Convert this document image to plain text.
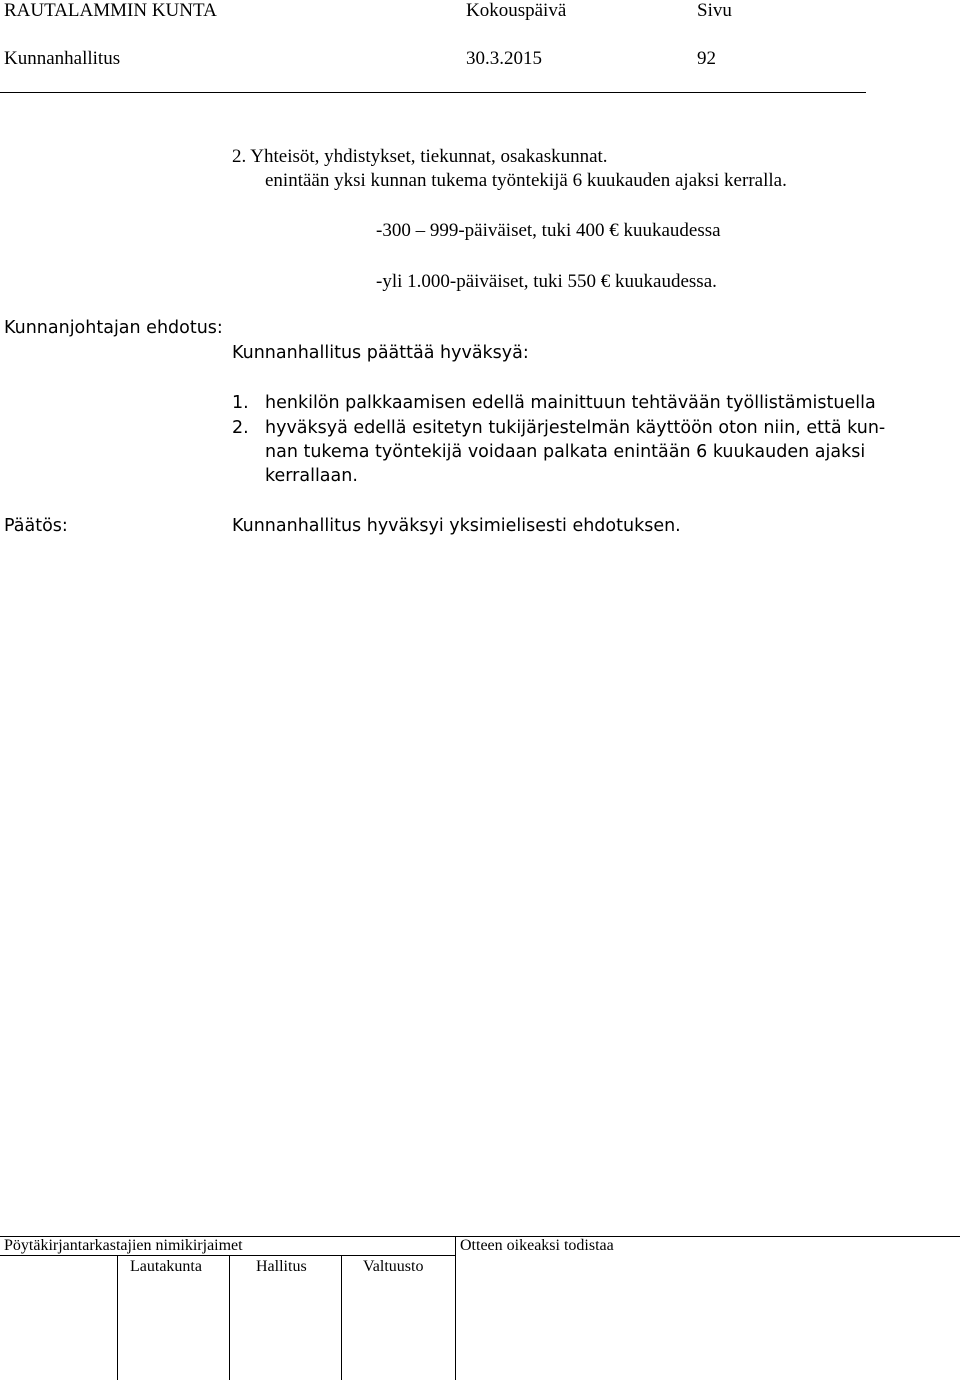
RAUTALAMMIN KUNTA	Kokouspäivä	Sivu
Kunnanhallitus	30.3.2015	92
2. Yhteisöt, yhdistykset, tiekunnat, osakaskunnat.
enintään yksi kunnan tukema työntekijä 6 kuukauden ajaksi kerralla.
-300 – 999-päiväiset, tuki 400 € kuukaudessa
-yli 1.000-päiväiset, tuki 550 € kuukaudessa.
Kunnanjohtajan ehdotus:
Kunnanhallitus päättää hyväksyä:
1. henkilön palkkaamisen edellä mainittuun tehtävään työllistämistuella
2. hyväksyä edellä esitetyn tukijärjestelmän käyttöön oton niin, että kun-
nan tukema työntekijä voidaan palkata enintään 6 kuukauden ajaksi
kerrallaan.
Päätös:	Kunnanhallitus hyväksyi yksimielisesti ehdotuksen.
Pöytäkirjantarkastajien nimikirjaimet
Lautakunta	Hallitus	Valtuusto
Otteen oikeaksi todistaa
